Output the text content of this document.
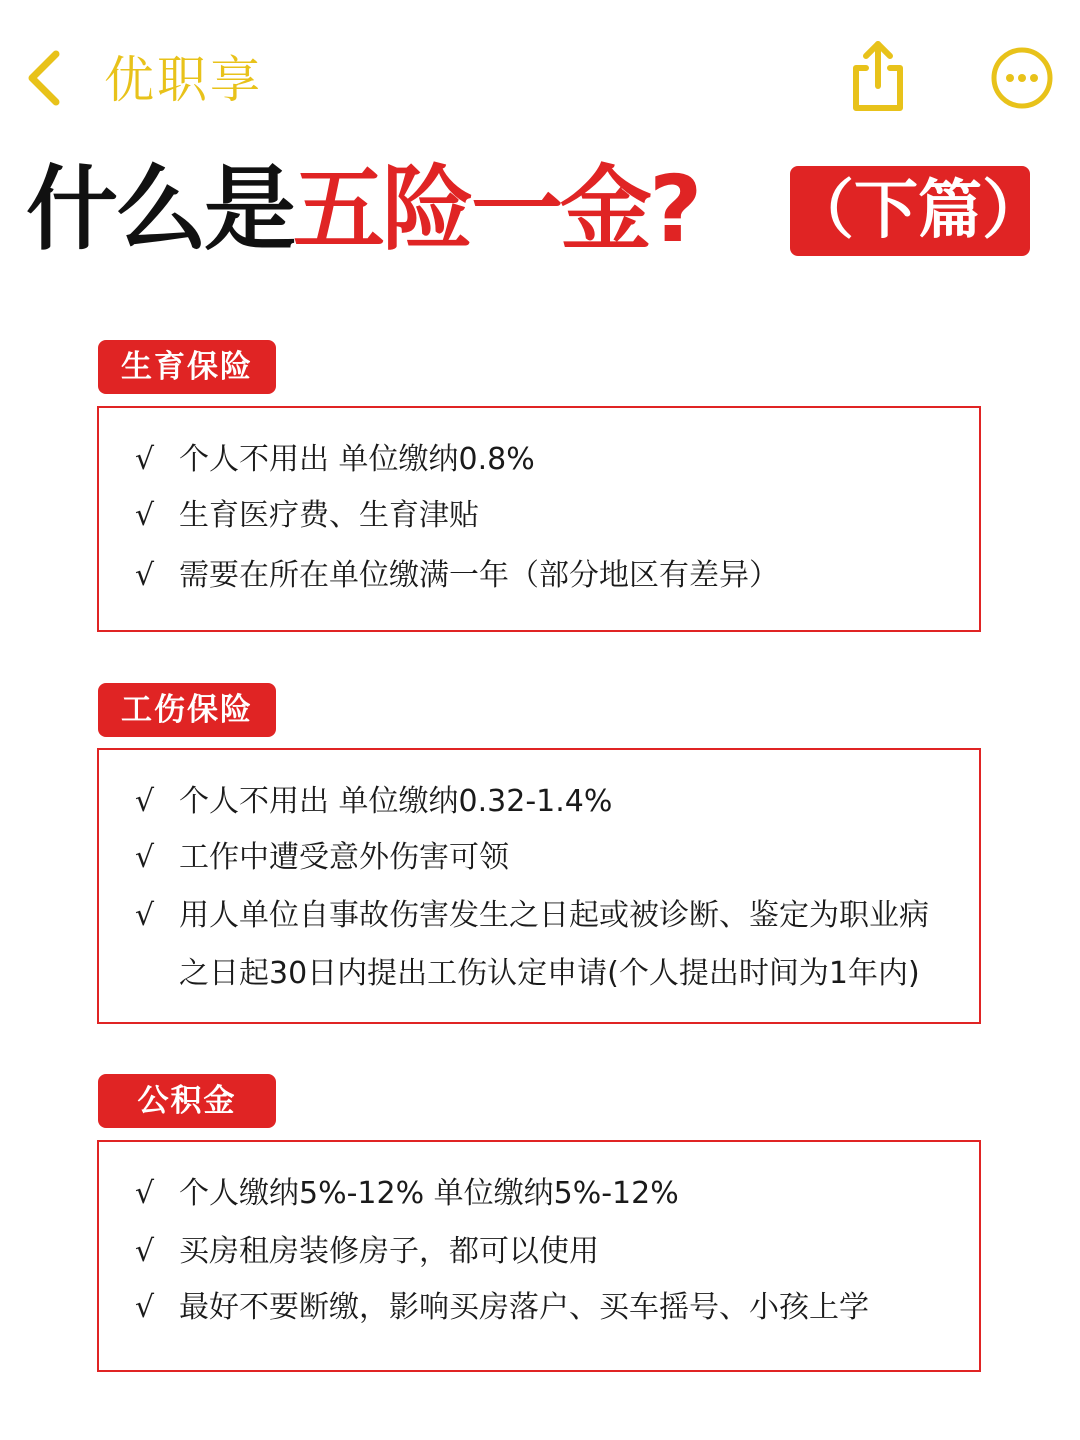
优职享
什么是五险一金? （下篇）
生育保险
√ 个人不用出 单位缴纳0.8%
√ 生育医疗费、生育津贴
√ 需要在所在单位缴满一年（部分地区有差异）
工伤保险
√ 个人不用出 单位缴纳0.32-1.4%
√ 工作中遭受意外伤害可领
√ 用人单位自事故伤害发生之日起或被诊断、鉴定为职业病
之日起30日内提出工伤认定申请(个人提出时间为1年内)
公积金
√ 个人缴纳5%-12% 单位缴纳5%-12%
√ 买房租房装修房子，都可以使用
√ 最好不要断缴，影响买房落户、买车摇号、小孩上学
